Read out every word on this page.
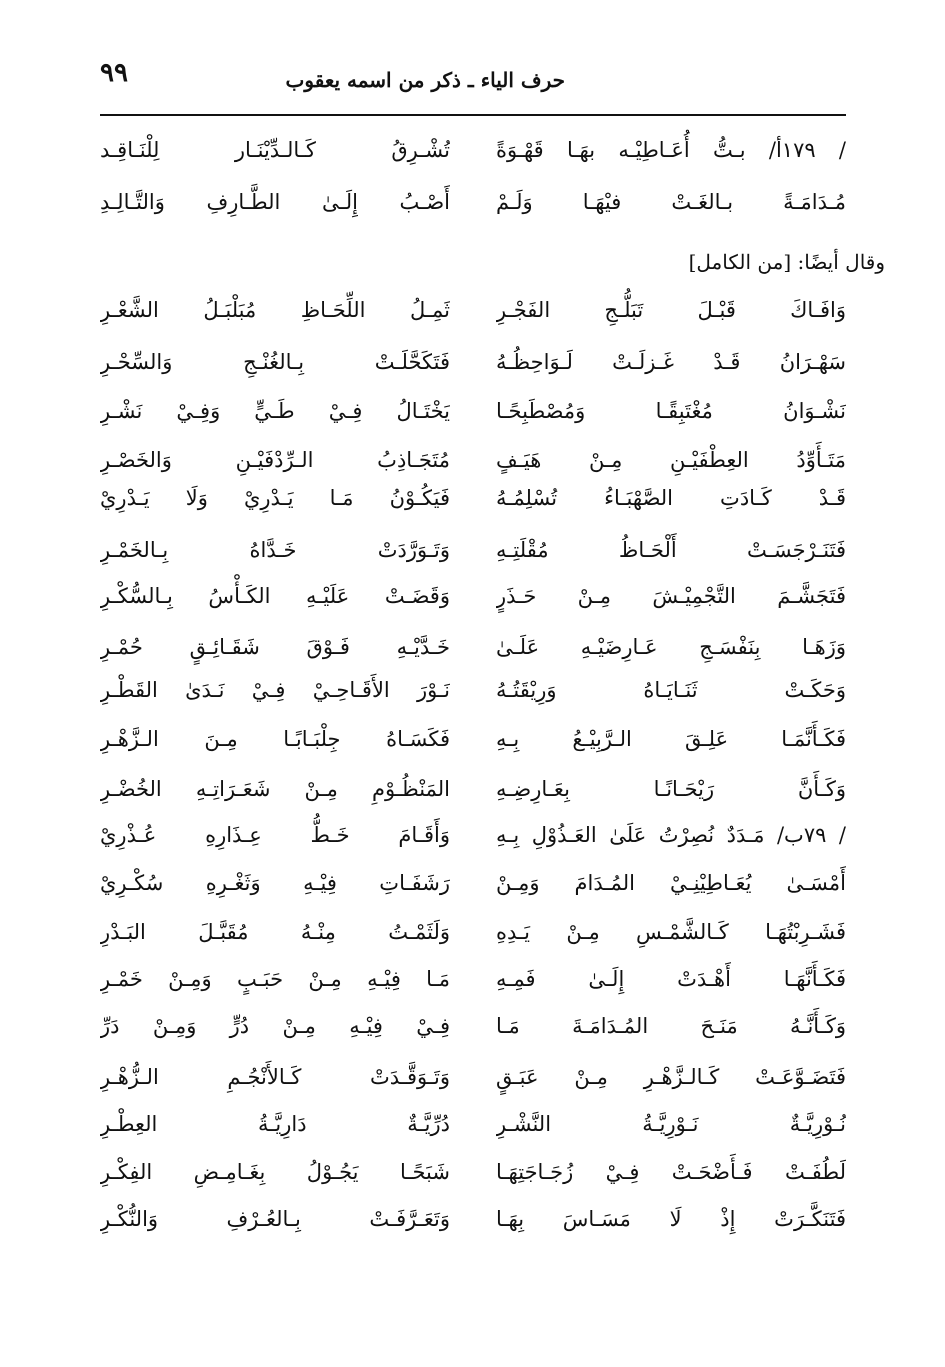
٩٩	حرف الياء ـ ذكر من اسمه يعقوب
/ ١٧٩أ/ بـتُّ أُعَـاطِيْـه بهَـا قَهْـوَةً
تُشْـرِقُ كَـالـدِّيْنَـار لِلْنَـاقِـد
مُـدَامَـةً بـالغَـتْ فيْهَـا وَلَـمْ
أَصْـبُ إِلَـىٰ الطَّـارِفِ وَالتَّـالِـدِ
وقال أيضًا: [من الكامل]
وَافَـاكَ قَبْـلَ تَبَلُّـجِ الفَجْـرِ
ثَمِـلُ اللِّحَـاظِ مُبَلْبَـلُ الشَّعْـرِ
سَهْـرَانُ قَـدْ غَـزلَـتْ لَـوَاحِظُـهُ
فَتَكَحَّلَـتْ بِـالغُنْـجِ وَالسِّحْـرِ
نَشْـوَانُ مُغْتَبِقًـا وَمُصْطَبِحًـا
يَخْتَـالُ فِـيْ طَـيٍّ وَفِـيْ نَشْـرِ
مَتَـأَوِّدُ العِطْفَيْـنِ مِـنْ هَيَـفٍ
مُتَجَـاذِبُ الـرِّدْفَيْـنِ وَالخَصْـرِ
قَـدْ كَـادَتِ الصَّهْبَـاءُ تُسْلِمُـهُ
فَيَكُـوْنُ مَـا يَـدْرِيْ وَلَا يَـدْرِيْ
فَتَنَـرْجَسَـتْ أَلْحَـاظُ مُقْلَتِـهِ
وَتَـوَرَّدَتْ خَـدَّاهُ بِـالخَمْـرِ
فَتَجَشَّـمَ التَّجْمِيْـشَ مِـنْ حَـذَرٍ
وَقَضَـتْ عَلَيْـهِ الكَـأْسُ بِـالسُّكْـرِ
وَزَهَـا بِنَفْسَـجِ عَـارِضَيْـهِ عَلَـىٰ
خَـدَّيْـهِ فَـوْقَ شَقَـائِـقٍ حُمْـرِ
وَحَكَـتْ ثَنَـايَـاهُ وَرِيْقَتُـهُ
نَـوْرَ الأَقَـاحِـيْ فِـيْ نَـدَىٰ القَطْـرِ
فَكَـأَنَّمَـا عَلِـقَ الـرَّبِيْـعُ بِـهِ
فَكَسَـاهُ جِلْبَـابًـا مِـنَ الـزَّهْـرِ
وَكَـأَنَّ رَيْحَـانًـا بِعَـارِضِـهِ
المَنْظُـوْمِ مِـنْ شَعَـرَاتِـهِ الخُضْـرِ
/ ٧٩ب/ مَـدَدٌ نُصِرْتُ عَلَىٰ العَـذُوْلِ بِـهِ
وَأَقَـامَ خَـطُّ عِـذَارِهِ عُـذْرِيْ
أَمْسَـىٰ يُعَـاطِيْنِـيْ المُـدَامَ وَمِـنْ
رَشَفَـاتِ فِيْـهِ وَثَغْـرِهِ سُكْـرِيْ
فَشَـرِبْتُهَـا كَـالشَّمْـسِ مِـنْ يَـدِهِ
وَلَثَمْـتُ مِنْـهُ مُقَبَّـلَ البَـدْرِ
فَكَـأَنَّهَـا أَهْـدَتْ إِلَـىٰ فَمِـهِ
مَـا فِيْـهِ مِـنْ حَبَـبٍ وَمِـنْ خَمْـرِ
وَكَـأَنَّـهُ مَنَـحَ المُـدَامَـةَ مَـا
فِـيْ فِيْـهِ مِـنْ دُرٍّ وَمِـنْ دَرِّ
فَتَضَـوَّعَـتْ كَـالـزَّهْـرِ مِـنْ عَبَـقٍ
وَتَـوَقَّـدَتْ كَـالأَنْجُـمِ الـزُّهْـرِ
نُـوْرِيَّـةٌ نَـوْرِيَّـةُ النَّشْـرِ
دُرِّيَّـةٌ دَارِيَّـةُ العِطْـرِ
لَطُفَـتْ فَـأَضْحَـتْ فِـيْ زُجَـاجَتِهَـا
شَبَحًـا يَجُـوْلُ بِغَـامِـضِ الفِكْـرِ
فَتَنَكَّـرَتْ إِذْ لَا مَسَـاسَ بِهَـا
وَتَعَـرَّفَـتْ بِـالعُـرْفِ وَالنُّكْـرِ
